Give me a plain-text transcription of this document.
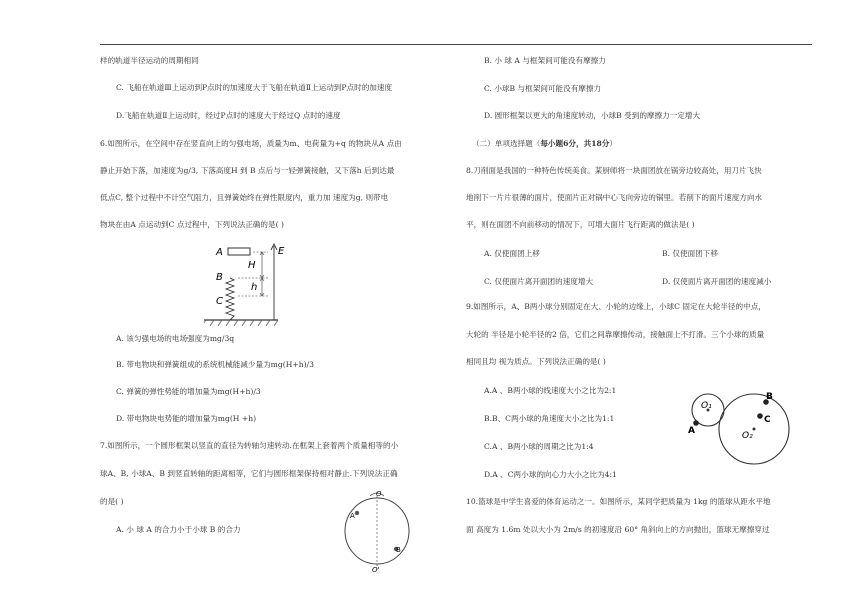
样的轨道半径运动的周期相同
C. 飞船在轨道Ⅲ上运动到P点时的加速度大于飞船在轨道Ⅱ上运动到P点时的加速度
D.飞船在轨道Ⅱ上运动时，经过P点时的速度大于经过Q 点时的速度
6.如图所示，在空间中存在竖直向上的匀强电场，质量为m、电荷量为+q 的物块从A 点由
静止开始下落，加速度为g/3, 下落高度H 到 B 点后与一轻弹簧接触，又下落h 后到达最
低点C, 整个过程中不计空气阻力，且弹簧始终在弹性限度内，重力加 速度为g, 则带电
物块在由A 点运动到C 点过程中，下列说法正确的是( )
A
B
C
E
H
h
A. 该匀强电场的电场强度为mg/3q
B. 带电物块和弹簧组成的系统机械能减少量为mg(H+h)/3
C. 弹簧的弹性势能的增加量为mg(H+h)/3
D. 带电物块电势能的增加量为mg(H +h)
7.如图所示，一个圆形框架以竖直的直径为转轴匀速转动.在框架上套着两个质量相等的小
球A、B, 小球A、B 到竖直转轴的距离相等，它们与圆形框架保持相对静止.下列说法正确
的是( )
A. 小 球 A 的合力小于小球 B 的合力
A
B
O
O'
B. 小 球 A 与框架间可能没有摩擦力
C. 小球B 与框架间可能没有摩擦力
D. 圆形框架以更大的角速度转动，小球B 受到的摩擦力一定增大
（二）单项选择题（每小题6分，共18分）
8.刀削面是我国的一种特色传统美食。某厨师将一块面团放在锅旁边较高处，用刀片飞快
地削下一片片很薄的面片，使面片正对锅中心飞向旁边的锅里。若削下的面片速度方向水
平，则在面团不向前移动的情况下，可增大面片飞行距离的做法是( )
A. 仅使面团上移	B. 仅使面团下移
C. 仅使面片离开面团的速度增大	D. 仅使面片离开面团的速度减小
9.如图所示，A、B两小球分别固定在大、小轮的边缘上，小球C 固定在大轮半径的中点，
大轮的 半径是小轮半径的2 倍，它们之间靠摩擦传动，接触面上不打滑。三个小球的质量
相同且均 视为质点。下列说法正确的是( )
A.A 、B两小球的线速度大小之比为2:1
B.B、C两小球的角速度大小之比为1:1
C.A 、B两小球的周期之比为1:4
D.A 、C两小球的向心力大小之比为4:1
O₁
O₂
A
B
C
10.篮球是中学生喜爱的体育运动之一。如图所示，某同学把质量为 1kg 的篮球从距水平地
面 高度为 1.6m 处以大小为 2m/s 的初速度沿 60° 角斜向上的方向抛出，篮球无摩擦穿过
